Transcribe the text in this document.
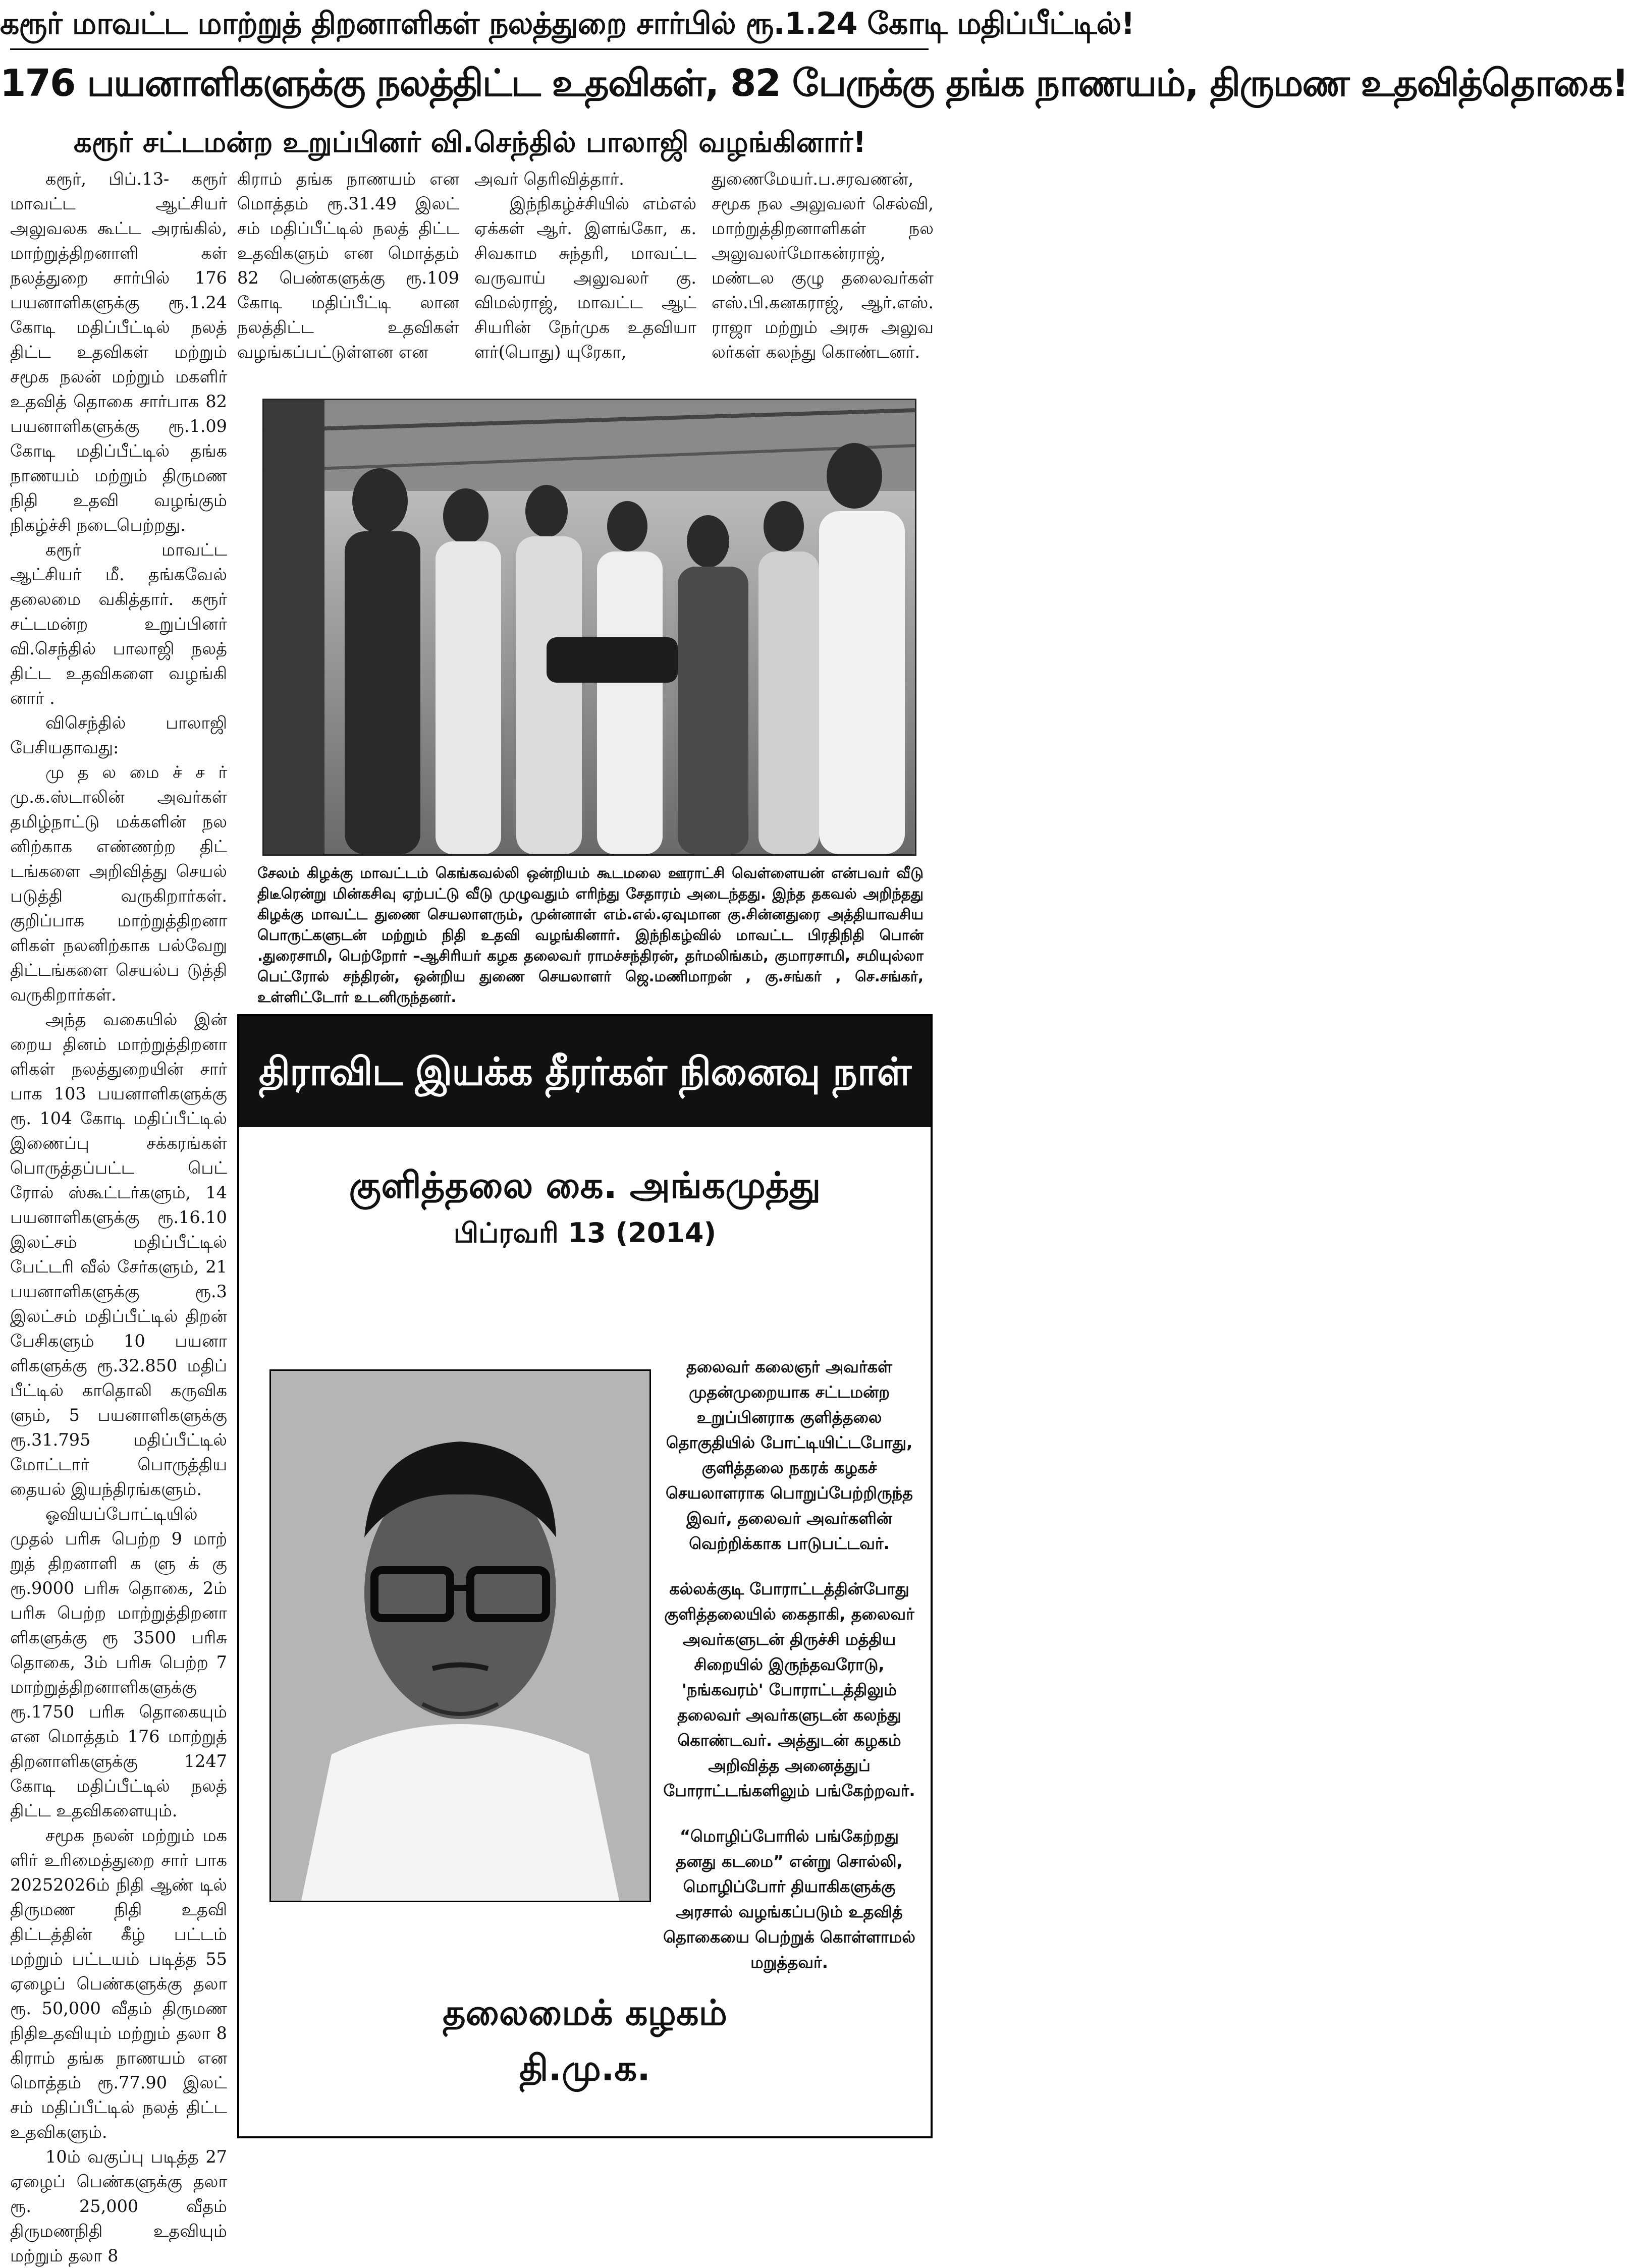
கரூர் மாவட்ட மாற்றுத் திறனாளிகள் நலத்துறை சார்பில் ரூ.1.24 கோடி மதிப்பீட்டில்!
176 பயனாளிகளுக்கு நலத்திட்ட உதவிகள், 82 பேருக்கு தங்க நாணயம், திருமண உதவித்தொகை!
கரூர் சட்டமன்ற உறுப்பினர் வி.செந்தில் பாலாஜி வழங்கினார்!

கரூர், பிப்.13- கரூர் மாவட்ட ஆட்சியர் அலுவலக கூட்ட அரங்கில், மாற்றுத்திறனாளி கள் நலத்துறை சார்பில் 176 பயனாளிகளுக்கு ரூ.1.24 கோடி மதிப்பீட்டில் நலத் திட்ட உதவிகள் மற்றும் சமூக நலன் மற்றும் மகளிர் உதவித் தொகை சார்பாக 82 பயனாளிகளுக்கு ரூ.1.09 கோடி மதிப்பீட்டில் தங்க நாணயம் மற்றும் திருமண நிதி உதவி வழங்கும் நிகழ்ச்சி நடைபெற்றது.

கரூர் மாவட்ட ஆட்சியர் மீ. தங்கவேல் தலைமை வகித்தார். கரூர் சட்டமன்ற உறுப்பினர் வி.செந்தில் பாலாஜி நலத் திட்ட உதவிகளை வழங்கி னார் .

விசெந்தில் பாலாஜி பேசியதாவது:

மு த ல மை ச் ச ர் மு.க.ஸ்டாலின் அவர்கள் தமிழ்நாட்டு மக்களின் நல னிற்காக எண்ணற்ற திட் டங்களை அறிவித்து செயல் படுத்தி வருகிறார்கள். குறிப்பாக மாற்றுத்திறனா ளிகள் நலனிற்காக பல்வேறு திட்டங்களை செயல்ப டுத்தி வருகிறார்கள்.

அந்த வகையில் இன் றைய தினம் மாற்றுத்திறனா ளிகள் நலத்துறையின் சார் பாக 103 பயனாளிகளுக்கு ரூ. 104 கோடி மதிப்பீட்டில் இணைப்பு சக்கரங்கள் பொருத்தப்பட்ட பெட் ரோல் ஸ்கூட்டர்களும், 14 பயனாளிகளுக்கு ரூ.16.10 இலட்சம் மதிப்பீட்டில் பேட்டரி வீல் சேர்களும், 21 பயனாளிகளுக்கு ரூ.3 இலட்சம் மதிப்பீட்டில் திறன் பேசிகளும் 10 பயனா ளிகளுக்கு ரூ.32.850 மதிப் பீட்டில் காதொலி கருவிக ளும், 5 பயனாளிகளுக்கு ரூ.31.795 மதிப்பீட்டில் மோட்டார் பொருத்திய தையல் இயந்திரங்களும்.

ஓவியப்போட்டியில் முதல் பரிசு பெற்ற 9 மாற் றுத் திறனாளி க ளு க் கு ரூ.9000 பரிசு தொகை, 2ம் பரிசு பெற்ற மாற்றுத்திறனா ளிகளுக்கு ரூ 3500 பரிசு தொகை, 3ம் பரிசு பெற்ற 7 மாற்றுத்திறனாளிகளுக்கு ரூ.1750 பரிசு தொகையும் என மொத்தம் 176 மாற்றுத் திறனாளிகளுக்கு 1247 கோடி மதிப்பீட்டில் நலத் திட்ட உதவிகளையும்.

சமூக நலன் மற்றும் மக ளிர் உரிமைத்துறை சார் பாக 20252026ம் நிதி ஆண் டில் திருமண நிதி உதவி திட்டத்தின் கீழ் பட்டம் மற்றும் பட்டயம் படித்த 55 ஏழைப் பெண்களுக்கு தலா ரூ. 50,000 வீதம் திருமண நிதிஉதவியும் மற்றும் தலா 8 கிராம் தங்க நாணயம் என மொத்தம் ரூ.77.90 இலட் சம் மதிப்பீட்டில் நலத் திட்ட உதவிகளும்.

10ம் வகுப்பு படித்த 27 ஏழைப் பெண்களுக்கு தலா ரூ. 25,000 வீதம் திருமணநிதி உதவியும் மற்றும் தலா 8

கிராம் தங்க நாணயம் என மொத்தம் ரூ.31.49 இலட் சம் மதிப்பீட்டில் நலத் திட்ட உதவிகளும் என மொத்தம் 82 பெண்களுக்கு ரூ.109 கோடி மதிப்பீட்டி லான நலத்திட்ட உதவிகள் வழங்கப்பட்டுள்ளன என

அவர் தெரிவித்தார்.

இந்நிகழ்ச்சியில் எம்எல் ஏக்கள் ஆர். இளங்கோ, க. சிவகாம சுந்தரி, மாவட்ட வருவாய் அலுவலர் கு. விமல்ராஜ், மாவட்ட ஆட் சியரின் நேர்முக உதவியா ளர்(பொது) யுரேகா,

துணைமேயர்.ப.சரவணன், சமூக நல அலுவலர் செல்வி, மாற்றுத்திறனாளிகள் நல அலுவலர்மோகன்ராஜ், மண்டல குழு தலைவர்கள் எஸ்.பி.கனகராஜ், ஆர்.எஸ். ராஜா மற்றும் அரசு அலுவ லர்கள் கலந்து கொண்டனர்.

சேலம் கிழக்கு மாவட்டம் கெங்கவல்லி ஒன்றியம் கூடமலை ஊராட்சி வெள்ளையன் என்பவர் வீடு திடீரென்று மின்கசிவு ஏற்பட்டு வீடு முழுவதும் எரிந்து சேதாரம் அடைந்தது. இந்த தகவல் அறிந்தது கிழக்கு மாவட்ட துணை செயலாளரும், முன்னாள் எம்.எல்.ஏவுமான கு.சின்னதுரை அத்தியாவசிய பொருட்களுடன் மற்றும் நிதி உதவி வழங்கினார். இந்நிகழ்வில் மாவட்ட பிரதிநிதி பொன் .துரைசாமி, பெற்றோர் –ஆசிரியர் கழக தலைவர் ராமச்சந்திரன், தர்மலிங்கம், குமாரசாமி, சமியுல்லா பெட்ரோல் சந்திரன், ஒன்றிய துணை செயலாளர் ஜெ.மணிமாறன் , கு.சங்கர் , செ.சங்கர், உள்ளிட்டோர் உடனிருந்தனர்.
திராவிட இயக்க தீரர்கள் நினைவு நாள்
குளித்தலை கை. அங்கமுத்து
பிப்ரவரி 13 (2014)

தலைவர் கலைஞர் அவர்கள் முதன்முறையாக சட்டமன்ற உறுப்பினராக குளித்தலை தொகுதியில் போட்டியிட்டபோது, குளித்தலை நகரக் கழகச் செயலாளராக பொறுப்பேற்றிருந்த இவர், தலைவர் அவர்களின் வெற்றிக்காக பாடுபட்டவர்.

கல்லக்குடி போராட்டத்தின்போது குளித்தலையில் கைதாகி, தலைவர் அவர்களுடன் திருச்சி மத்திய சிறையில் இருந்தவரோடு, 'நங்கவரம்' போராட்டத்திலும் தலைவர் அவர்களுடன் கலந்து கொண்டவர். அத்துடன் கழகம் அறிவித்த அனைத்துப் போராட்டங்களிலும் பங்கேற்றவர்.

“மொழிப்போரில் பங்கேற்றது தனது கடமை” என்று சொல்லி, மொழிப்போர் தியாகிகளுக்கு அரசால் வழங்கப்படும் உதவித் தொகையை பெற்றுக் கொள்ளாமல் மறுத்தவர்.

தலைமைக் கழகம்
தி.மு.க.
